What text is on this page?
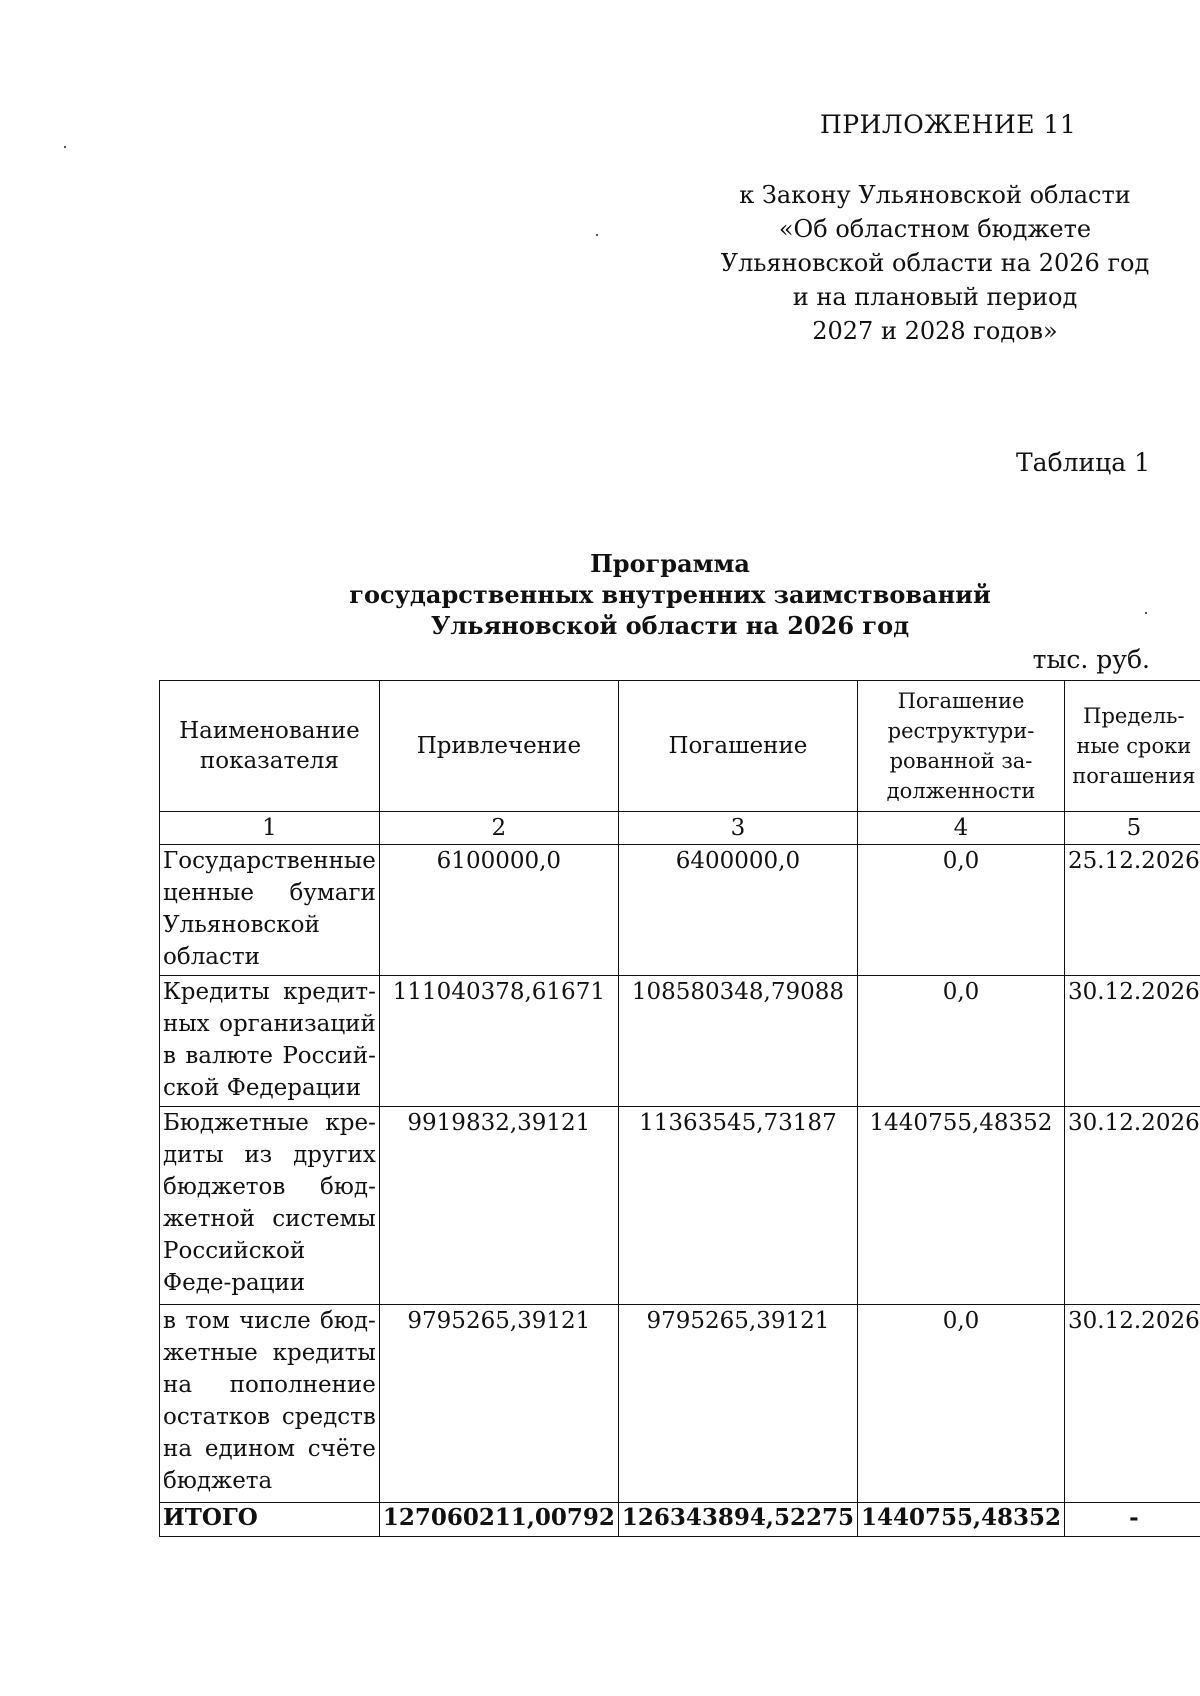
ПРИЛОЖЕНИЕ 11
к Закону Ульяновской области
«Об областном бюджете
Ульяновской области на 2026 год
и на плановый период
2027 и 2028 годов»
Таблица 1
Программа
государственных внутренних заимствований
Ульяновской области на 2026 год
тыс. руб.
Наименование показателя	Привлечение	Погашение	Погашение реструктури-рованной за-долженности	Предель-ные сроки погашения
1	2	3	4	5
Государственные ценные бумаги Ульяновской области	6100000,0	6400000,0	0,0	25.12.2026
Кредиты кредит-ных организаций в валюте Россий-ской Федерации	111040378,61671	108580348,79088	0,0	30.12.2026
Бюджетные кре-диты из других бюджетов бюд-жетной системы Российской Феде-рации	9919832,39121	11363545,73187	1440755,48352	30.12.2026
в том числе бюд-жетные кредиты на пополнение остатков средств на едином счёте бюджета	9795265,39121	9795265,39121	0,0	30.12.2026
ИТОГО	127060211,00792	126343894,52275	1440755,48352	-
